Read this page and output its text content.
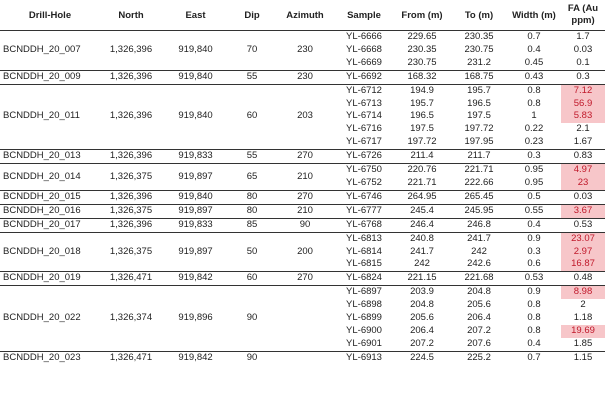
Drill-Hole	North	East	Dip	Azimuth	Sample	From (m)	To (m)	Width (m)	FA (Au
ppm)
BCNDDH_20_007	1,326,396	919,840	70	230	YL-6666	229.65	230.35	0.7	1.7
					YL-6668	230.35	230.75	0.4	0.03
					YL-6669	230.75	231.2	0.45	0.1
BCNDDH_20_009	1,326,396	919,840	55	230	YL-6692	168.32	168.75	0.43	0.3
BCNDDH_20_011	1,326,396	919,840	60	203	YL-6712	194.9	195.7	0.8	7.12
					YL-6713	195.7	196.5	0.8	56.9
					YL-6714	196.5	197.5	1	5.83
					YL-6716	197.5	197.72	0.22	2.1
					YL-6717	197.72	197.95	0.23	1.67
BCNDDH_20_013	1,326,396	919,833	55	270	YL-6726	211.4	211.7	0.3	0.83
BCNDDH_20_014	1,326,375	919,897	65	210	YL-6750	220.76	221.71	0.95	4.97
					YL-6752	221.71	222.66	0.95	23
BCNDDH_20_015	1,326,396	919,840	80	270	YL-6746	264.95	265.45	0.5	0.03
BCNDDH_20_016	1,326,375	919,897	80	210	YL-6777	245.4	245.95	0.55	3.67
BCNDDH_20_017	1,326,396	919,833	85	90	YL-6768	246.4	246.8	0.4	0.53
BCNDDH_20_018	1,326,375	919,897	50	200	YL-6813	240.8	241.7	0.9	23.07
					YL-6814	241.7	242	0.3	2.97
					YL-6815	242	242.6	0.6	16.87
BCNDDH_20_019	1,326,471	919,842	60	270	YL-6824	221.15	221.68	0.53	0.48
BCNDDH_20_022	1,326,374	919,896	90		YL-6897	203.9	204.8	0.9	8.98
					YL-6898	204.8	205.6	0.8	2
					YL-6899	205.6	206.4	0.8	1.18
					YL-6900	206.4	207.2	0.8	19.69
					YL-6901	207.2	207.6	0.4	1.85
BCNDDH_20_023	1,326,471	919,842	90		YL-6913	224.5	225.2	0.7	1.15
